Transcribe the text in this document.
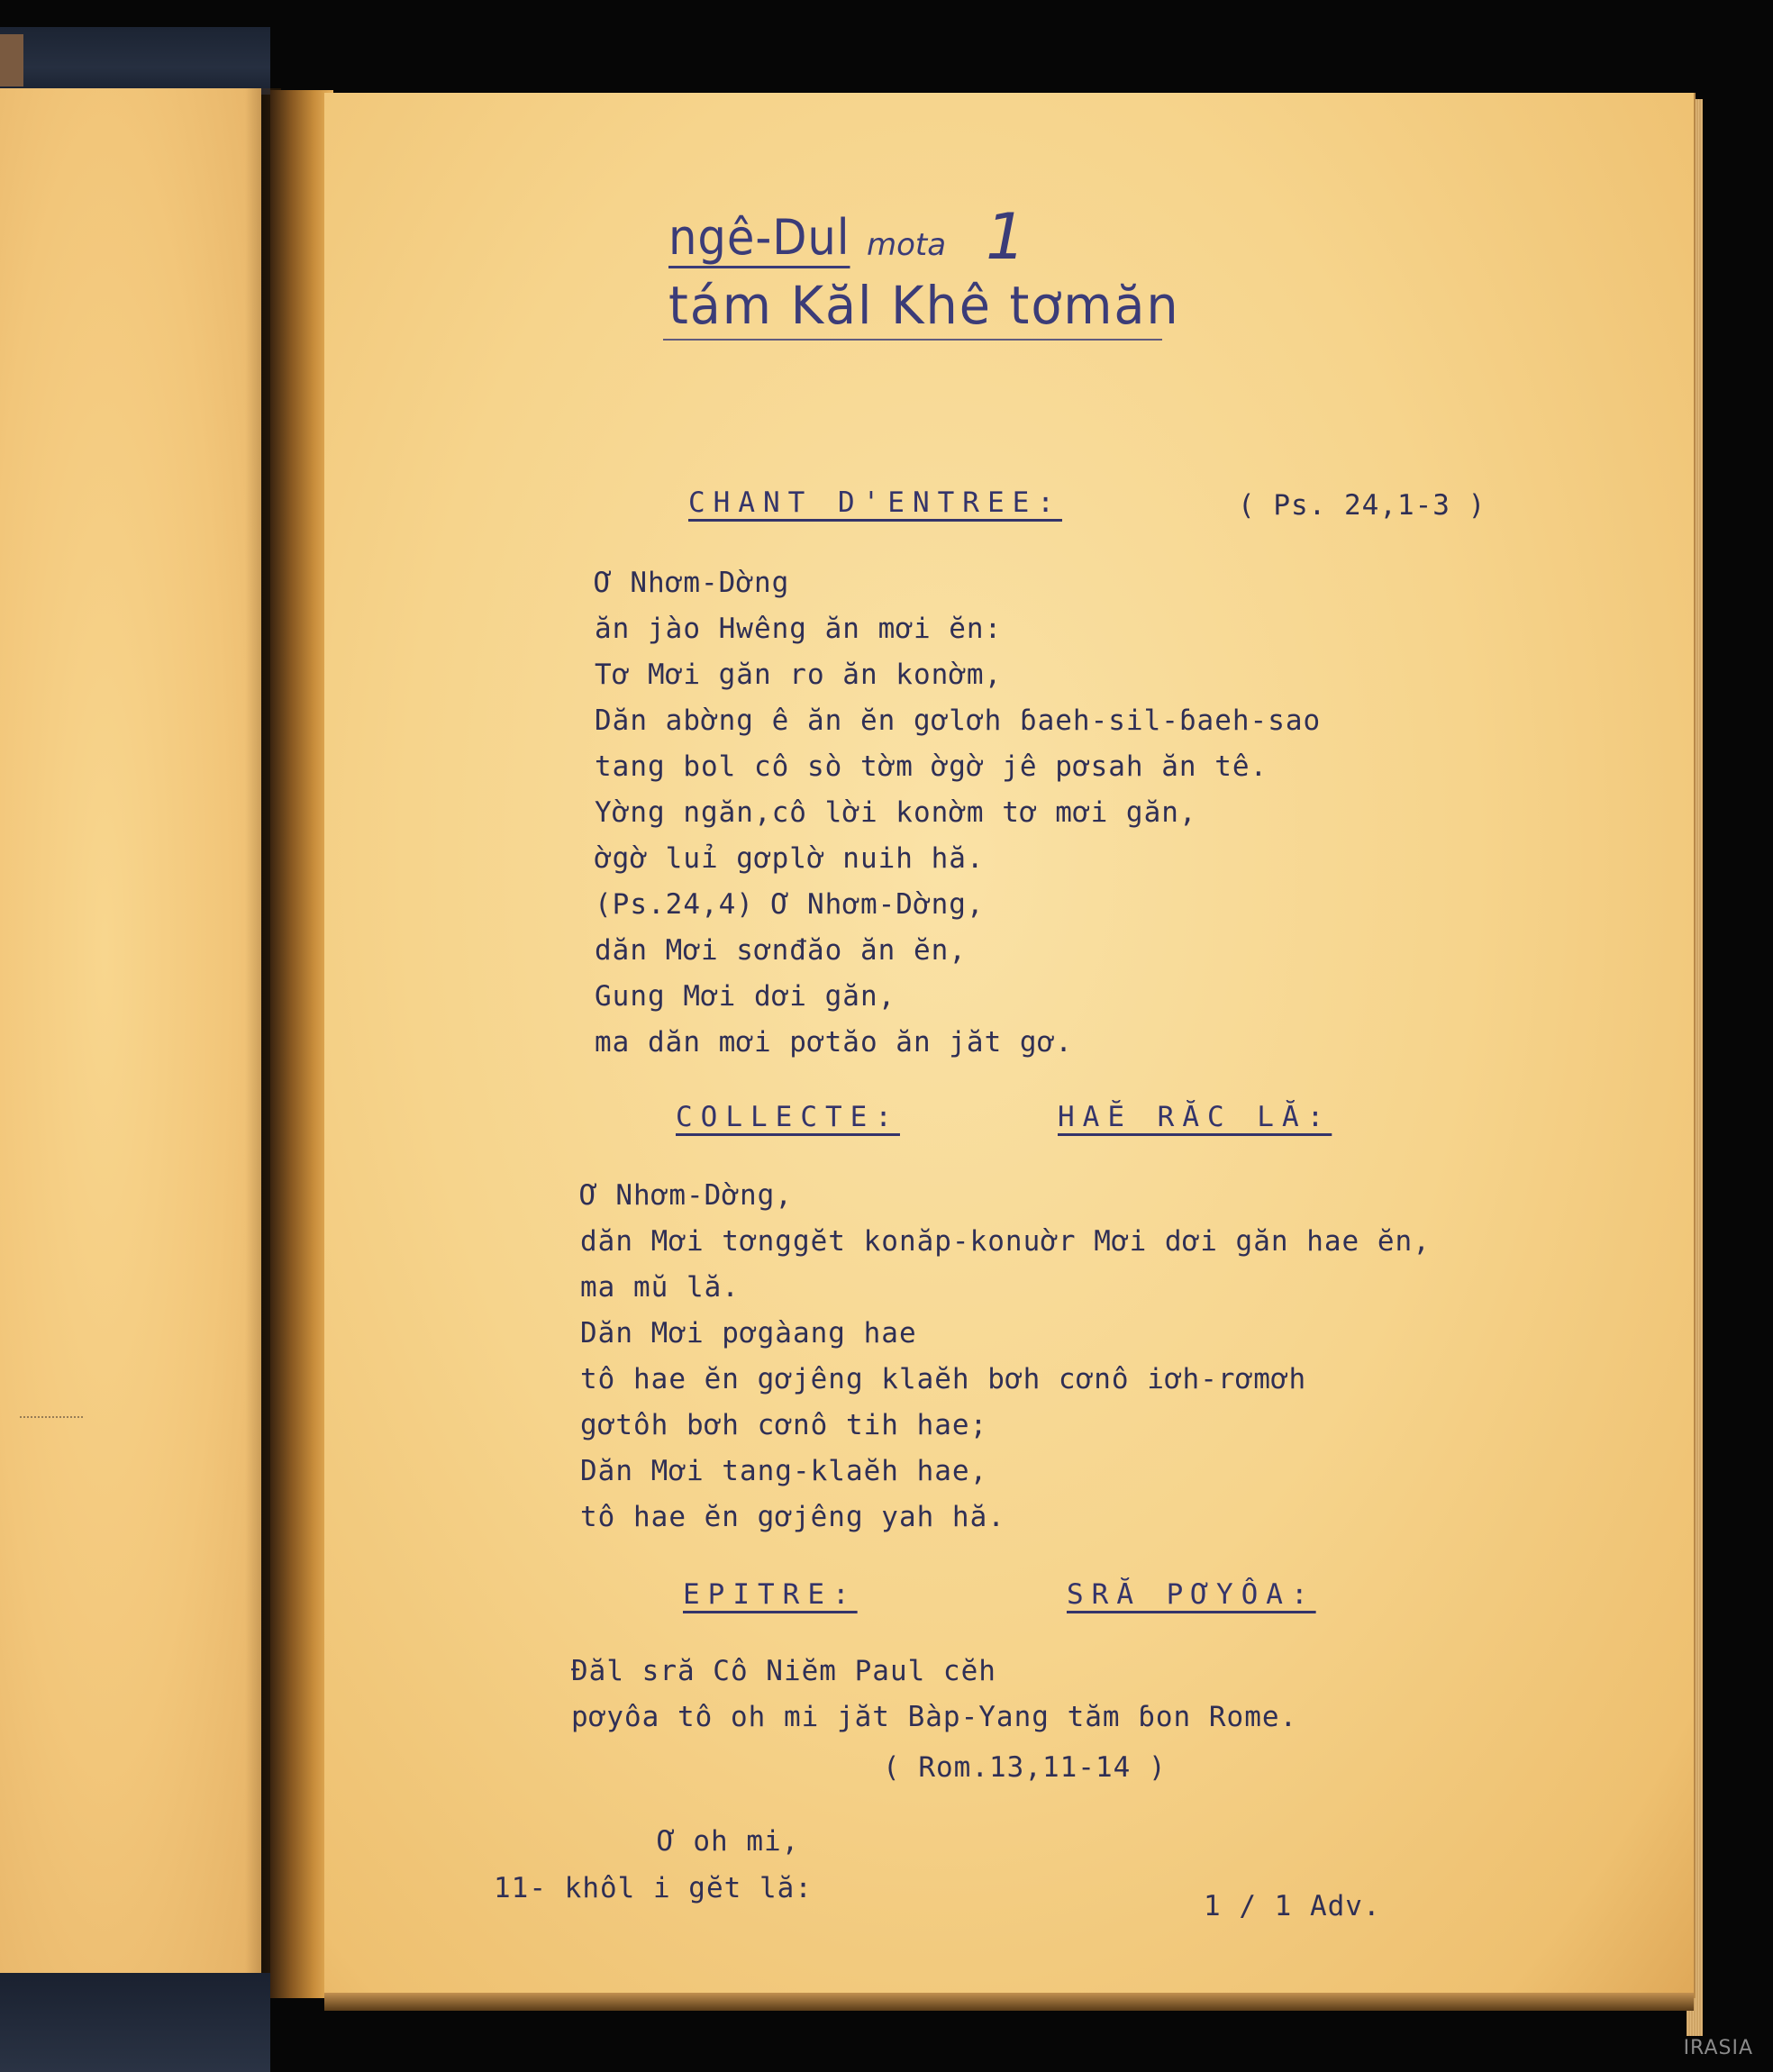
ngê-Dul mota 1
tám Kăl Khê tơmăn
CHANT D'ENTREE:	( Ps. 24,1-3 )
Ơ Nhơm-Dờng
ăn jào Hwêng ăn mơi ĕn:
Tơ Mơi găn ro ăn konờm,
Dăn abờng ê ăn ĕn gơlơh ɓaeh-sil-ɓaeh-sao
tang bol cô sò tờm ờgờ jê pơsah ăn tê.
Yờng ngăn,cô lời konờm tơ mơi găn,
ờgờ luỉ gơplờ nuih hă.
(Ps.24,4) Ơ Nhơm-Dờng,
dăn Mơi sơnđăo ăn ĕn,
Gung Mơi dơi găn,
ma dăn mơi pơtăo ăn jăt gơ.
COLLECTE:	HAĔ RĂC LĂ:
Ơ Nhơm-Dờng,
dăn Mơi tơnggĕt konăp-konuờr Mơi dơi găn hae ĕn,
ma mŭ lă.
Dăn Mơi pơgàang hae
tô hae ĕn gơjêng klaĕh bơh cơnô iơh-rơmơh
gơtôh bơh cơnô tih hae;
Dăn Mơi tang-klaĕh hae,
tô hae ĕn gơjêng yah hă.
EPITRE:	SRĂ PƠYÔA:
Đăl sră Cô Niĕm Paul cĕh
pơyôa tô oh mi jăt Bàp-Yang tăm ɓon Rome.
( Rom.13,11-14 )
Ơ oh mi,
11- khôl i gĕt lă:
1 / 1 Adv.
IRASIA
